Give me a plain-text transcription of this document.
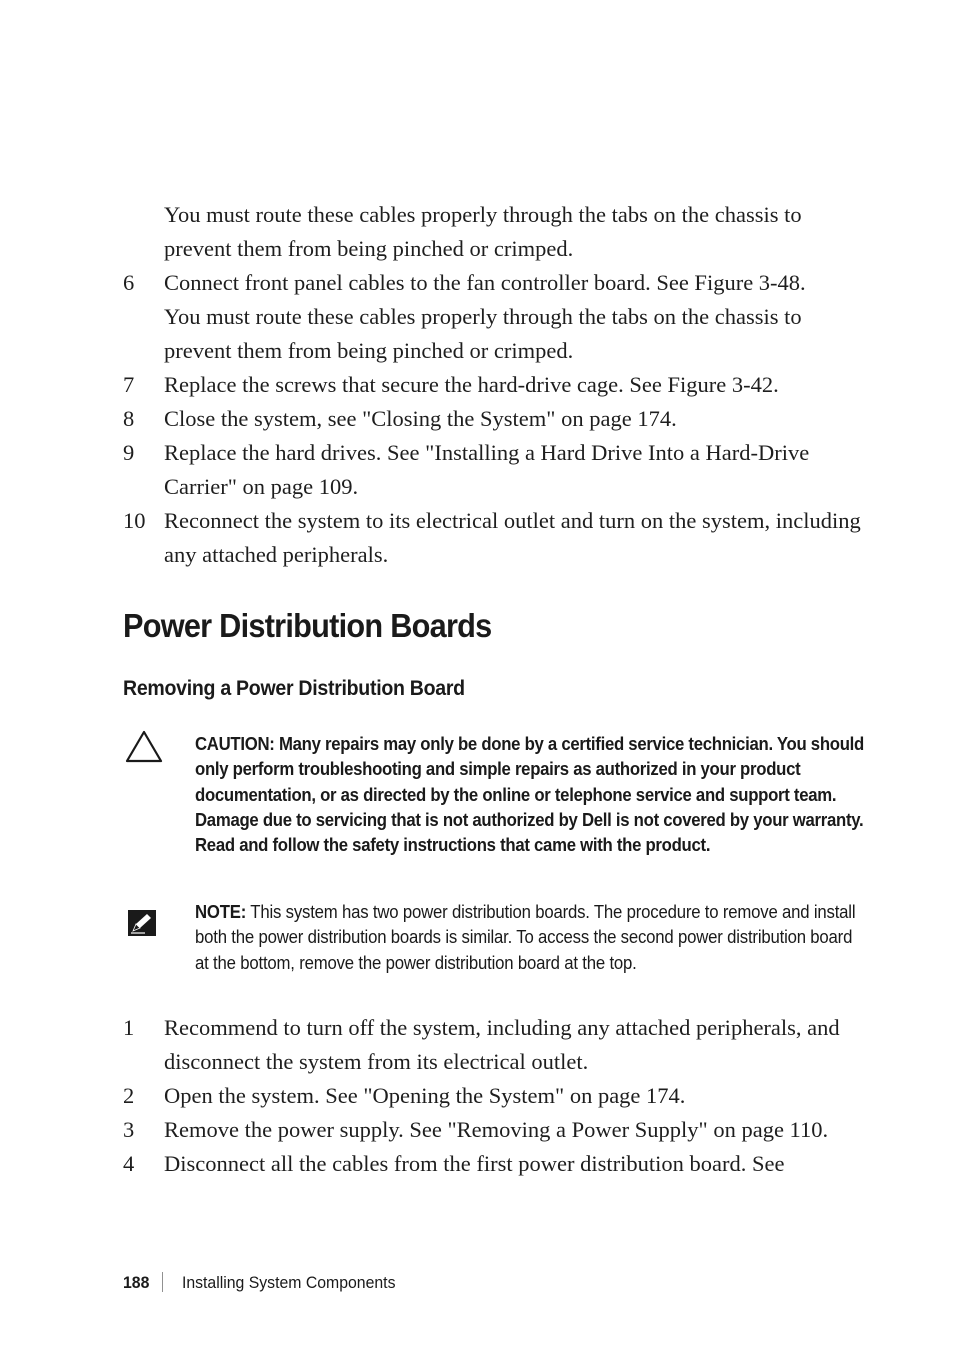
You must route these cables properly through the tabs on the chassis to prevent them from being pinched or crimped.
6 Connect front panel cables to the fan controller board. See Figure 3-48.
You must route these cables properly through the tabs on the chassis to prevent them from being pinched or crimped.
7 Replace the screws that secure the hard-drive cage. See Figure 3-42.
8 Close the system, see "Closing the System" on page 174.
9 Replace the hard drives. See "Installing a Hard Drive Into a Hard-Drive Carrier" on page 109.
10 Reconnect the system to its electrical outlet and turn on the system, including any attached peripherals.
Power Distribution Boards
Removing a Power Distribution Board
CAUTION: Many repairs may only be done by a certified service technician. You should only perform troubleshooting and simple repairs as authorized in your product documentation, or as directed by the online or telephone service and support team. Damage due to servicing that is not authorized by Dell is not covered by your warranty. Read and follow the safety instructions that came with the product.
NOTE: This system has two power distribution boards. The procedure to remove and install both the power distribution boards is similar. To access the second power distribution board at the bottom, remove the power distribution board at the top.
1 Recommend to turn off the system, including any attached peripherals, and disconnect the system from its electrical outlet.
2 Open the system. See "Opening the System" on page 174.
3 Remove the power supply. See "Removing a Power Supply" on page 110.
4 Disconnect all the cables from the first power distribution board. See
188 Installing System Components
